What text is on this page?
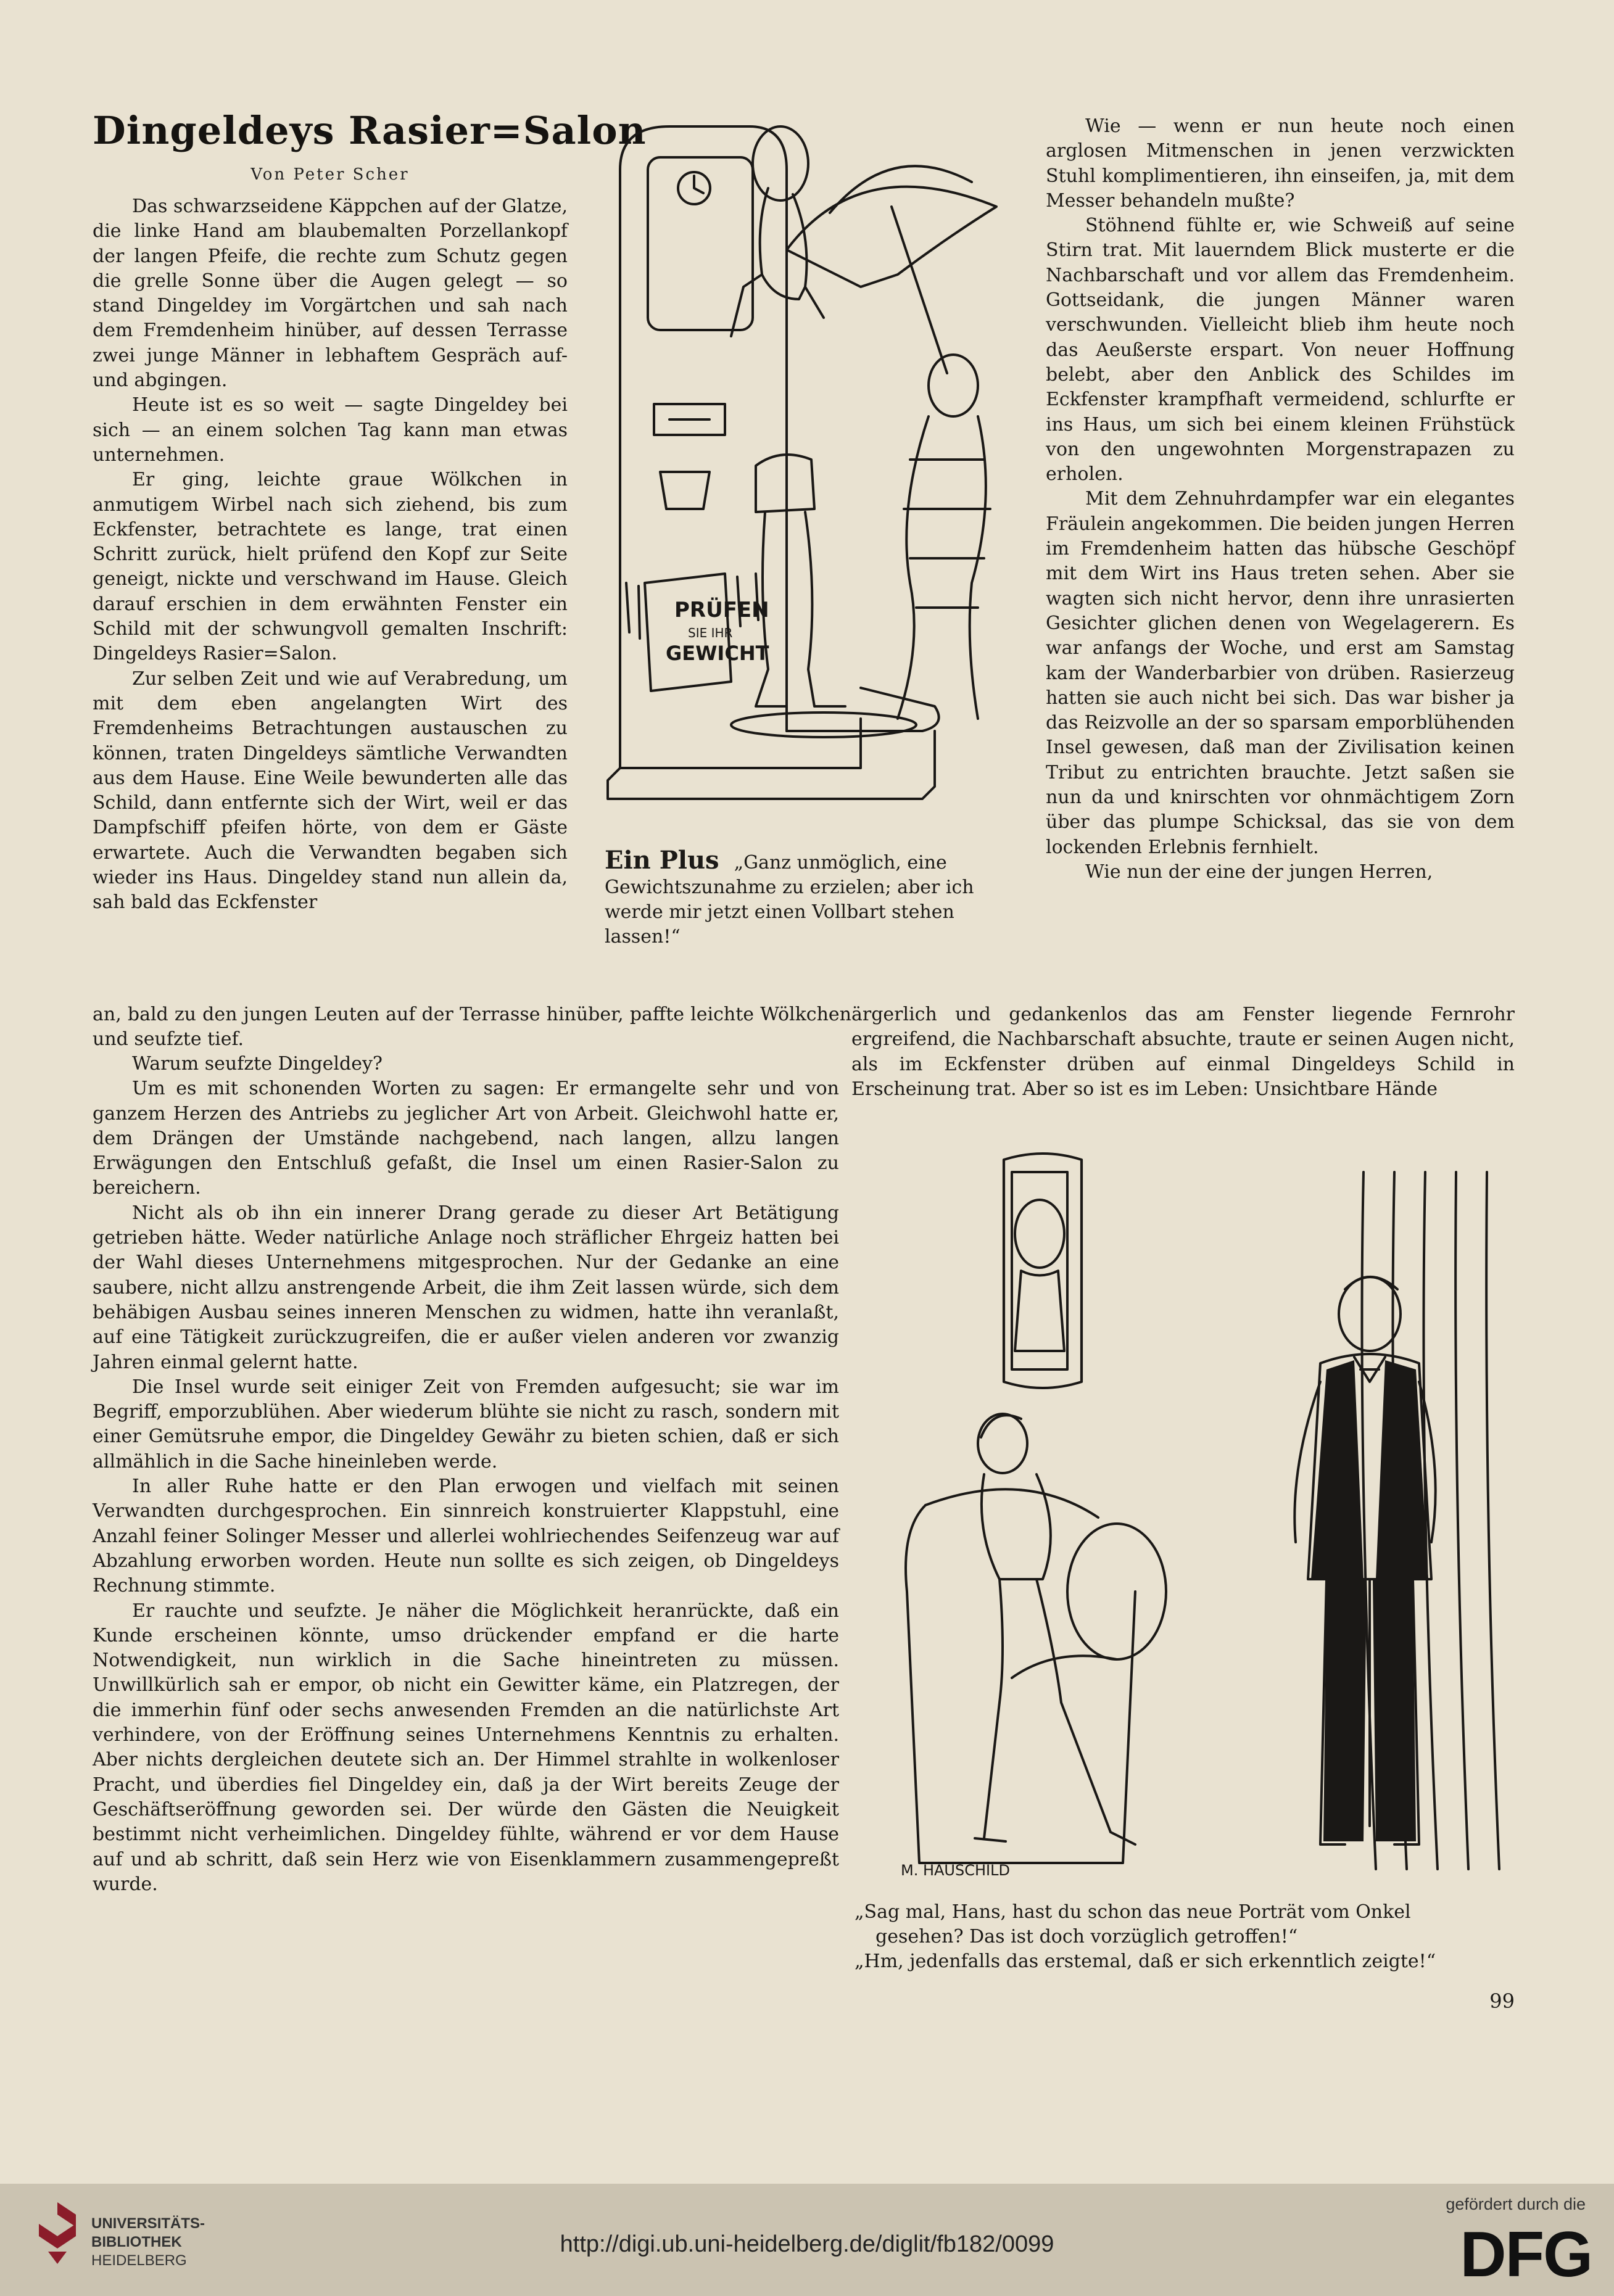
Dingeldeys Rasier=Salon
Von Peter Scher

Das schwarzseidene Käppchen auf der Glatze, die linke Hand am blaubemalten Porzellankopf der langen Pfeife, die rechte zum Schutz gegen die grelle Sonne über die Augen gelegt — so stand Dingeldey im Vorgärtchen und sah nach dem Fremdenheim hinüber, auf dessen Terrasse zwei junge Männer in lebhaftem Gespräch auf- und abgingen.

Heute ist es so weit — sagte Dingeldey bei sich — an einem solchen Tag kann man etwas unternehmen.

Er ging, leichte graue Wölkchen in anmutigem Wirbel nach sich ziehend, bis zum Eckfenster, betrachtete es lange, trat einen Schritt zurück, hielt prüfend den Kopf zur Seite geneigt, nickte und verschwand im Hause. Gleich darauf erschien in dem erwähnten Fenster ein Schild mit der schwungvoll gemalten Inschrift: Dingeldeys Rasier=Salon.

Zur selben Zeit und wie auf Verabredung, um mit dem eben angelangten Wirt des Fremdenheims Betrachtungen austauschen zu können, traten Dingeldeys sämtliche Verwandten aus dem Hause. Eine Weile bewunderten alle das Schild, dann entfernte sich der Wirt, weil er das Dampfschiff pfeifen hörte, von dem er Gäste erwartete. Auch die Verwandten begaben sich wieder ins Haus. Dingeldey stand nun allein da, sah bald das Eckfenster

Wie — wenn er nun heute noch einen arglosen Mitmenschen in jenen verzwickten Stuhl komplimentieren, ihn einseifen, ja, mit dem Messer behandeln mußte?

Stöhnend fühlte er, wie Schweiß auf seine Stirn trat. Mit lauerndem Blick musterte er die Nachbarschaft und vor allem das Fremdenheim. Gottseidank, die jungen Männer waren verschwunden. Vielleicht blieb ihm heute noch das Aeußerste erspart. Von neuer Hoffnung belebt, aber den Anblick des Schildes im Eckfenster krampfhaft vermeidend, schlurfte er ins Haus, um sich bei einem kleinen Frühstück von den ungewohnten Morgenstrapazen zu erholen.

Mit dem Zehnuhrdampfer war ein elegantes Fräulein angekommen. Die beiden jungen Herren im Fremdenheim hatten das hübsche Geschöpf mit dem Wirt ins Haus treten sehen. Aber sie wagten sich nicht hervor, denn ihre unrasierten Gesichter glichen denen von Wegelagerern. Es war anfangs der Woche, und erst am Samstag kam der Wanderbarbier von drüben. Rasierzeug hatten sie auch nicht bei sich. Das war bisher ja das Reizvolle an der so sparsam emporblühenden Insel gewesen, daß man der Zivilisation keinen Tribut zu entrichten brauchte. Jetzt saßen sie nun da und knirschten vor ohnmächtigem Zorn über das plumpe Schicksal, das sie von dem lockenden Erlebnis fernhielt.

Wie nun der eine der jungen Herren,

PRÜFEN
SIE IHR
GEWICHT
Ein Plus „Ganz unmöglich, eine Gewichtszunahme zu erzielen; aber ich werde mir jetzt einen Vollbart stehen lassen!“

an, bald zu den jungen Leuten auf der Terrasse hinüber, paffte leichte Wölkchen und seufzte tief.

ärgerlich und gedankenlos das am Fenster liegende Fernrohr ergreifend, die Nachbarschaft absuchte, traute er seinen Augen nicht, als im Eckfenster drüben auf einmal Dingeldeys Schild in Erscheinung trat. Aber so ist es im Leben: Unsichtbare Hände

Warum seufzte Dingeldey?

Um es mit schonenden Worten zu sagen: Er ermangelte sehr und von ganzem Herzen des Antriebs zu jeglicher Art von Arbeit. Gleichwohl hatte er, dem Drängen der Umstände nachgebend, nach langen, allzu langen Erwägungen den Entschluß gefaßt, die Insel um einen Rasier-Salon zu bereichern.

Nicht als ob ihn ein innerer Drang gerade zu dieser Art Betätigung getrieben hätte. Weder natürliche Anlage noch sträflicher Ehrgeiz hatten bei der Wahl dieses Unternehmens mitgesprochen. Nur der Gedanke an eine saubere, nicht allzu anstrengende Arbeit, die ihm Zeit lassen würde, sich dem behäbigen Ausbau seines inneren Menschen zu widmen, hatte ihn veranlaßt, auf eine Tätigkeit zurückzugreifen, die er außer vielen anderen vor zwanzig Jahren einmal gelernt hatte.

Die Insel wurde seit einiger Zeit von Fremden aufgesucht; sie war im Begriff, emporzublühen. Aber wiederum blühte sie nicht zu rasch, sondern mit einer Gemütsruhe empor, die Dingeldey Gewähr zu bieten schien, daß er sich allmählich in die Sache hineinleben werde.

In aller Ruhe hatte er den Plan erwogen und vielfach mit seinen Verwandten durchgesprochen. Ein sinnreich konstruierter Klappstuhl, eine Anzahl feiner Solinger Messer und allerlei wohlriechendes Seifenzeug war auf Abzahlung erworben worden. Heute nun sollte es sich zeigen, ob Dingeldeys Rechnung stimmte.

Er rauchte und seufzte. Je näher die Möglichkeit heranrückte, daß ein Kunde erscheinen könnte, umso drückender empfand er die harte Notwendigkeit, nun wirklich in die Sache hineintreten zu müssen. Unwillkürlich sah er empor, ob nicht ein Gewitter käme, ein Platzregen, der die immerhin fünf oder sechs anwesenden Fremden an die natürlichste Art verhindere, von der Eröffnung seines Unternehmens Kenntnis zu erhalten. Aber nichts dergleichen deutete sich an. Der Himmel strahlte in wolkenloser Pracht, und überdies fiel Dingeldey ein, daß ja der Wirt bereits Zeuge der Geschäftseröffnung geworden sei. Der würde den Gästen die Neuigkeit bestimmt nicht verheimlichen. Dingeldey fühlte, während er vor dem Hause auf und ab schritt, daß sein Herz wie von Eisenklammern zusammengepreßt wurde.

M. HAUSCHILD

„Sag mal, Hans, hast du schon das neue Porträt vom Onkel

gesehen? Das ist doch vorzüglich getroffen!“

„Hm, jedenfalls das erstemal, daß er sich erkenntlich zeigte!“

99
UNIVERSITÄTS-
BIBLIOTHEK
HEIDELBERG
http://digi.ub.uni-heidelberg.de/diglit/fb182/0099
gefördert durch die
DFG
